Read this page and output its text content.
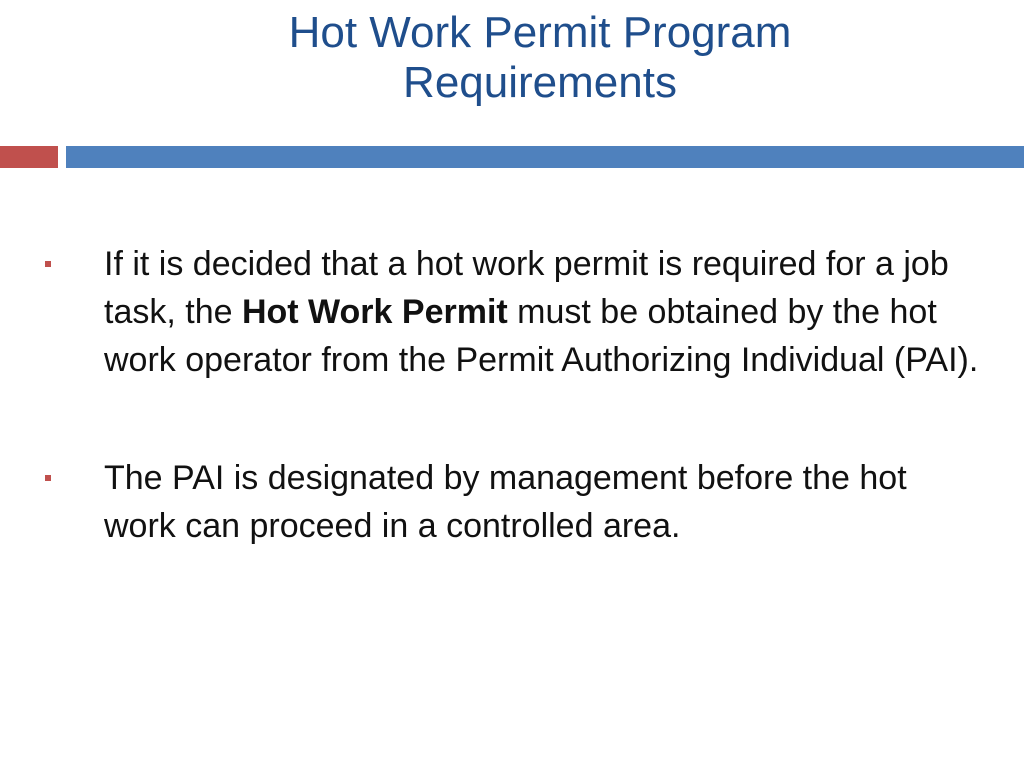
Hot Work Permit Program
Requirements
If it is decided that a hot work permit is required for a job task, the Hot Work Permit must be obtained by the hot work operator from the Permit Authorizing Individual (PAI).
The PAI is designated by management before the hot work can proceed in a controlled area.
